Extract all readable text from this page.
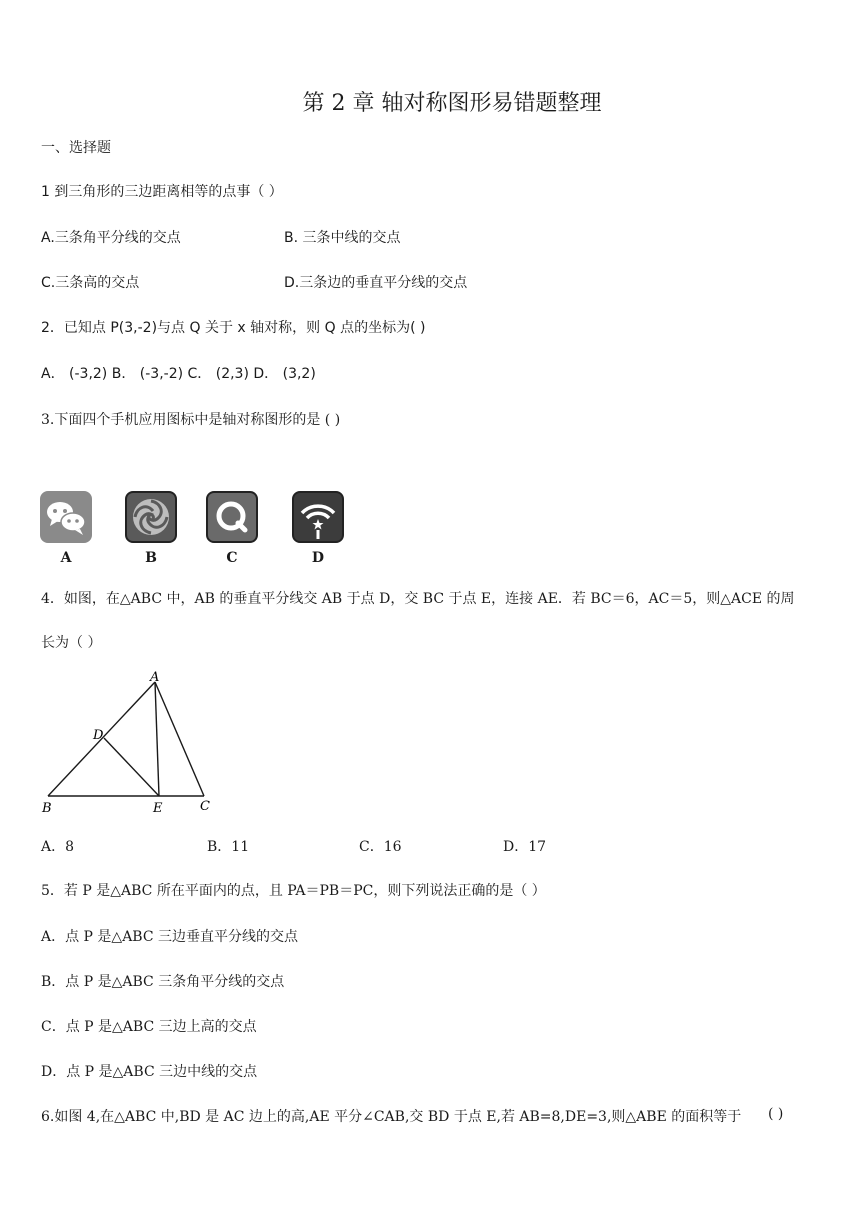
第 2 章 轴对称图形易错题整理
一、选择题
1 到三角形的三边距离相等的点事（ ）
A.三条角平分线的交点	B. 三条中线的交点
C.三条高的交点	D.三条边的垂直平分线的交点
2．已知点 P(3,-2)与点 Q 关于 x 轴对称，则 Q 点的坐标为( )
A． (-3,2) B． (-3,-2) C． (2,3) D． (3,2)
3.下面四个手机应用图标中是轴对称图形的是 ( )
A	B	C	D
4．如图，在△ABC 中，AB 的垂直平分线交 AB 于点 D，交 BC 于点 E，连接 AE．若 BC＝6，AC＝5，则△ACE 的周
长为（ ）
A
D
B	E	C
A．8	B．11	C．16	D．17
5．若 P 是△ABC 所在平面内的点，且 PA＝PB＝PC，则下列说法正确的是（ ）
A．点 P 是△ABC 三边垂直平分线的交点
B．点 P 是△ABC 三条角平分线的交点
C．点 P 是△ABC 三边上高的交点
D．点 P 是△ABC 三边中线的交点
6.如图 4,在△ABC 中,BD 是 AC 边上的高,AE 平分∠CAB,交 BD 于点 E,若 AB=8,DE=3,则△ABE 的面积等于 ( )
